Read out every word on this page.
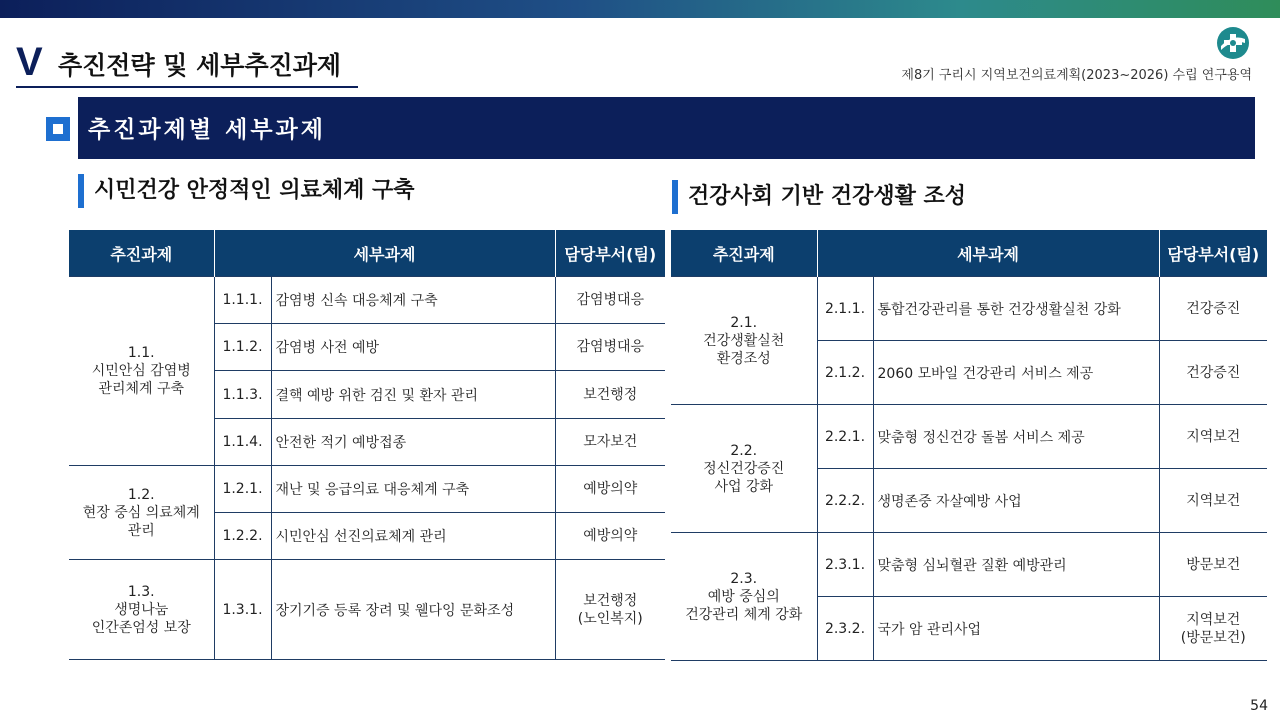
V 추진전략 및 세부추진과제	제8기 구리시 지역보건의료계획(2023~2026) 수립 연구용역
추진과제별 세부과제
시민건강 안정적인 의료체계 구축	건강사회 기반 건강생활 조성
추진과제	세부과제		담당부서(팀)
1.1.
시민안심 감염병
관리체계 구축	1.1.1.	감염병 신속 대응체계 구축	감염병대응
	1.1.2.	감염병 사전 예방	감염병대응
	1.1.3.	결핵 예방 위한 검진 및 환자 관리	보건행정
	1.1.4.	안전한 적기 예방접종	모자보건
1.2.
현장 중심 의료체계
관리	1.2.1.	재난 및 응급의료 대응체계 구축	예방의약
	1.2.2.	시민안심 선진의료체계 관리	예방의약
1.3.
생명나눔
인간존엄성 보장	1.3.1.	장기기증 등록 장려 및 웰다잉 문화조성	보건행정
(노인복지)
추진과제	세부과제		담당부서(팀)
2.1.
건강생활실천
환경조성	2.1.1.	통합건강관리를 통한 건강생활실천 강화	건강증진
	2.1.2.	2060 모바일 건강관리 서비스 제공	건강증진
2.2.
정신건강증진
사업 강화	2.2.1.	맞춤형 정신건강 돌봄 서비스 제공	지역보건
	2.2.2.	생명존중 자살예방 사업	지역보건
2.3.
예방 중심의
건강관리 체계 강화	2.3.1.	맞춤형 심뇌혈관 질환 예방관리	방문보건
	2.3.2.	국가 암 관리사업	지역보건
(방문보건)
54
